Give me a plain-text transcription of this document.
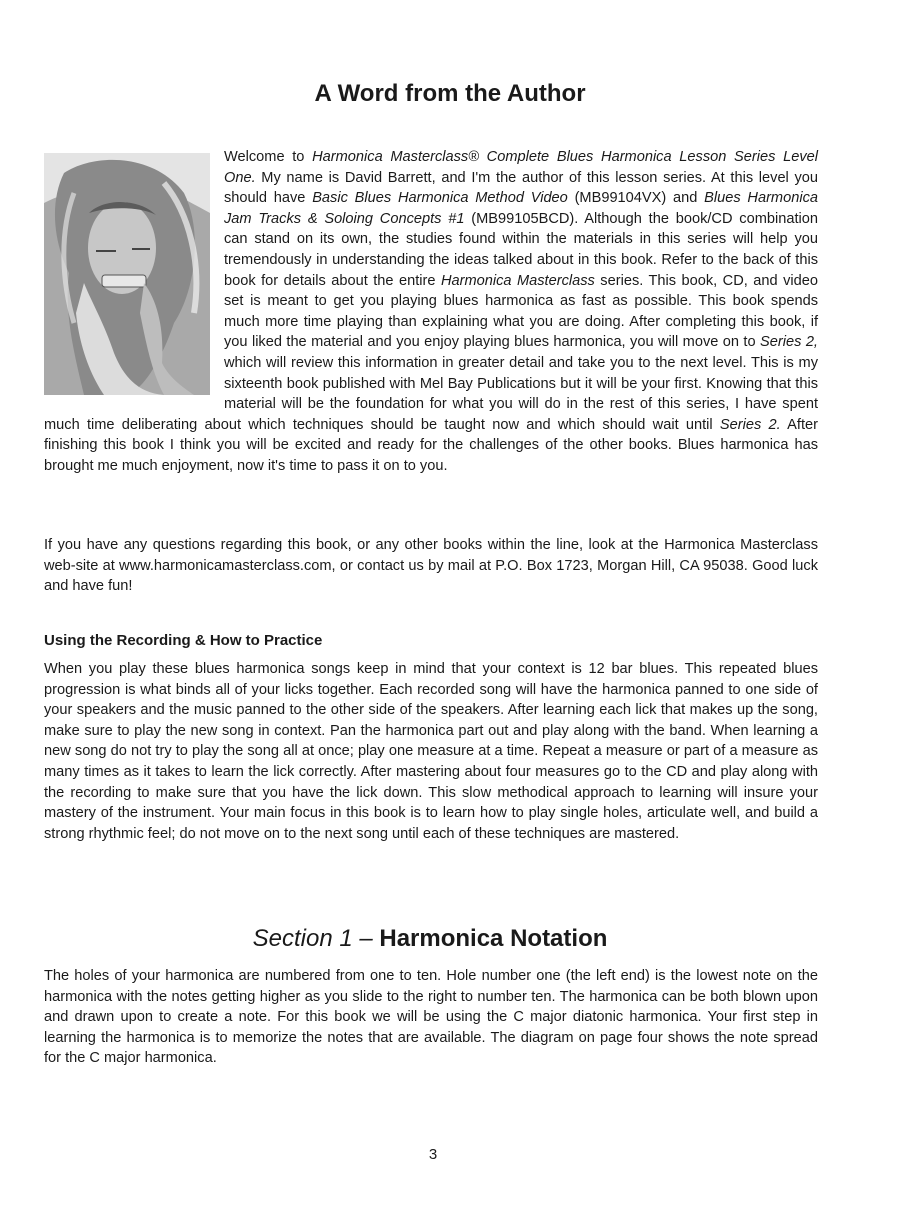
A Word from the Author

Welcome to Harmonica Masterclass® Complete Blues Harmonica Lesson Series Level One. My name is David Barrett, and I'm the author of this lesson series. At this level you should have Basic Blues Harmonica Method Video (MB99104VX) and Blues Harmonica Jam Tracks & Soloing Concepts #1 (MB99105BCD). Although the book/CD combination can stand on its own, the studies found within the materials in this series will help you tremendously in understanding the ideas talked about in this book. Refer to the back of this book for details about the entire Harmonica Masterclass series. This book, CD, and video set is meant to get you playing blues harmonica as fast as possible. This book spends much more time playing than explaining what you are doing. After completing this book, if you liked the material and you enjoy playing blues harmonica, you will move on to Series 2, which will review this information in greater detail and take you to the next level. This is my sixteenth book published with Mel Bay Publications but it will be your first. Knowing that this material will be the foundation for what you will do in the rest of this series, I have spent much time deliberating about which techniques should be taught now and which should wait until Series 2. After finishing this book I think you will be excited and ready for the challenges of the other books. Blues harmonica has brought me much enjoyment, now it's time to pass it on to you.

If you have any questions regarding this book, or any other books within the line, look at the Harmonica Masterclass web-site at www.harmonicamasterclass.com, or contact us by mail at P.O. Box 1723, Morgan Hill, CA 95038. Good luck and have fun!

Using the Recording & How to Practice

When you play these blues harmonica songs keep in mind that your context is 12 bar blues. This repeated blues progression is what binds all of your licks together. Each recorded song will have the harmonica panned to one side of your speakers and the music panned to the other side of the speakers. After learning each lick that makes up the song, make sure to play the new song in context. Pan the harmonica part out and play along with the band. When learning a new song do not try to play the song all at once; play one measure at a time. Repeat a measure or part of a measure as many times as it takes to learn the lick correctly. After mastering about four measures go to the CD and play along with the recording to make sure that you have the lick down. This slow methodical approach to learning will insure your mastery of the instrument. Your main focus in this book is to learn how to play single holes, articulate well, and build a strong rhythmic feel; do not move on to the next song until each of these techniques are mastered.

Section 1 – Harmonica Notation

The holes of your harmonica are numbered from one to ten. Hole number one (the left end) is the lowest note on the harmonica with the notes getting higher as you slide to the right to number ten. The harmonica can be both blown upon and drawn upon to create a note. For this book we will be using the C major diatonic harmonica. Your first step in learning the harmonica is to memorize the notes that are available. The diagram on page four shows the note spread for the C major harmonica.

3
